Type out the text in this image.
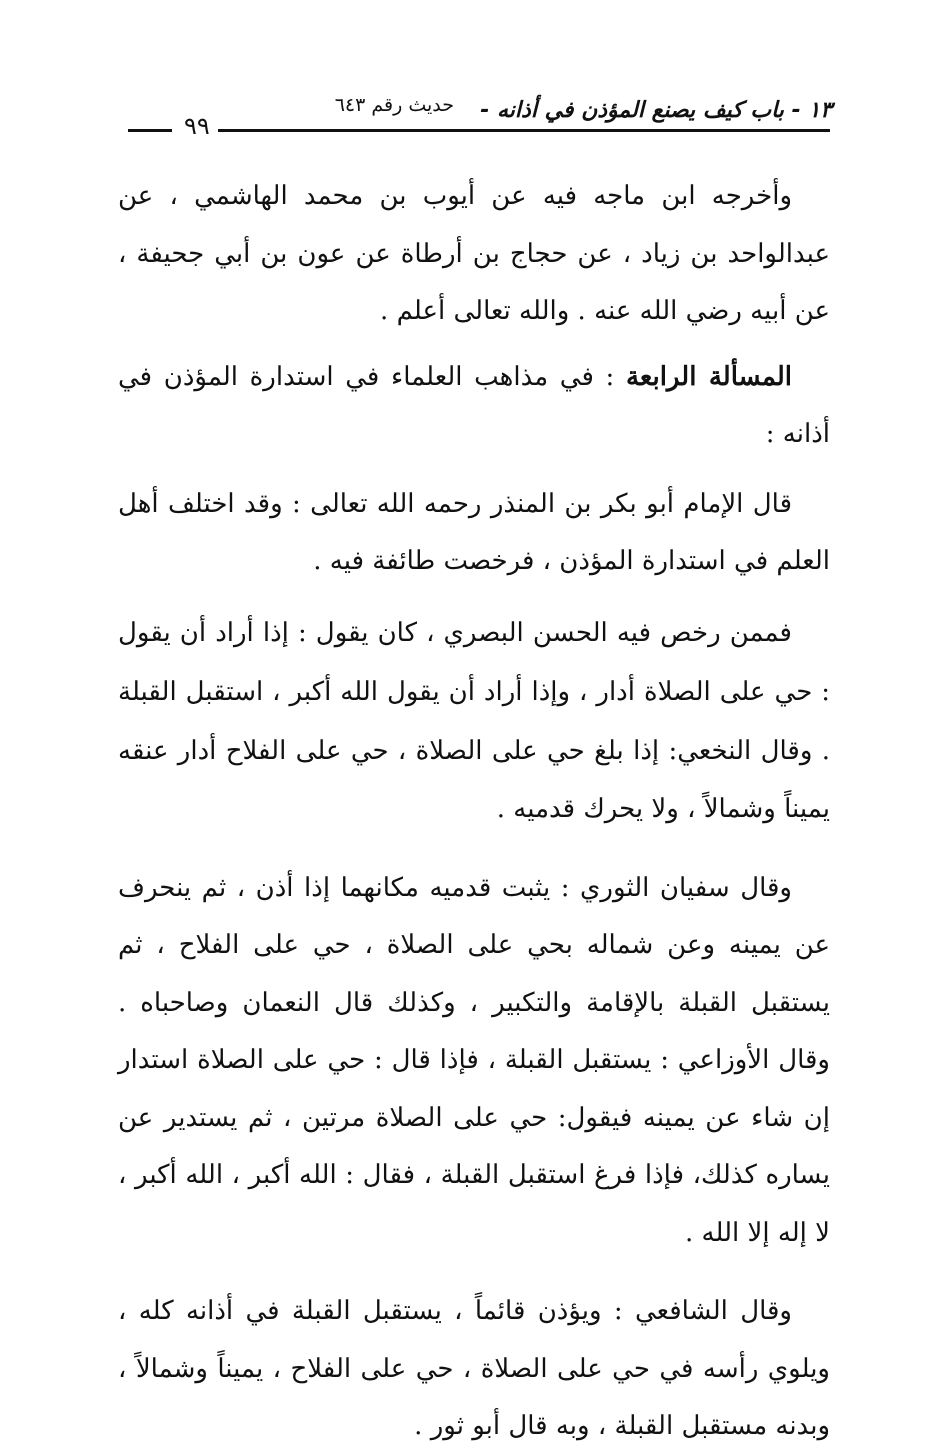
١٣ - باب كيف يصنع المؤذن في أذانه -
حديث رقم ٦٤٣
٩٩

وأخرجه ابن ماجه فيه عن أيوب بن محمد الهاشمي ، عن عبدالواحد بن زياد ، عن حجاج بن أرطاة عن عون بن أبي جحيفة ، عن أبيه رضي الله عنه . والله تعالى أعلم .

المسألة الرابعة : في مذاهب العلماء في استدارة المؤذن في أذانه :

قال الإمام أبو بكر بن المنذر رحمه الله تعالى : وقد اختلف أهل العلم في استدارة المؤذن ، فرخصت طائفة فيه .

فممن رخص فيه الحسن البصري ، كان يقول : إذا أراد أن يقول : حي على الصلاة أدار ، وإذا أراد أن يقول الله أكبر ، استقبل القبلة . وقال النخعي: إذا بلغ حي على الصلاة ، حي على الفلاح أدار عنقه يميناً وشمالاً ، ولا يحرك قدميه .

وقال سفيان الثوري : يثبت قدميه مكانهما إذا أذن ، ثم ينحرف عن يمينه وعن شماله بحي على الصلاة ، حي على الفلاح ، ثم يستقبل القبلة بالإقامة والتكبير ، وكذلك قال النعمان وصاحباه . وقال الأوزاعي : يستقبل القبلة ، فإذا قال : حي على الصلاة استدار إن شاء عن يمينه فيقول: حي على الصلاة مرتين ، ثم يستدير عن يساره كذلك، فإذا فرغ استقبل القبلة ، فقال : الله أكبر ، الله أكبر ، لا إله إلا الله .

وقال الشافعي : ويؤذن قائماً ، يستقبل القبلة في أذانه كله ، ويلوي رأسه في حي على الصلاة ، حي على الفلاح ، يميناً وشمالاً ، وبدنه مستقبل القبلة ، وبه قال أبو ثور .
